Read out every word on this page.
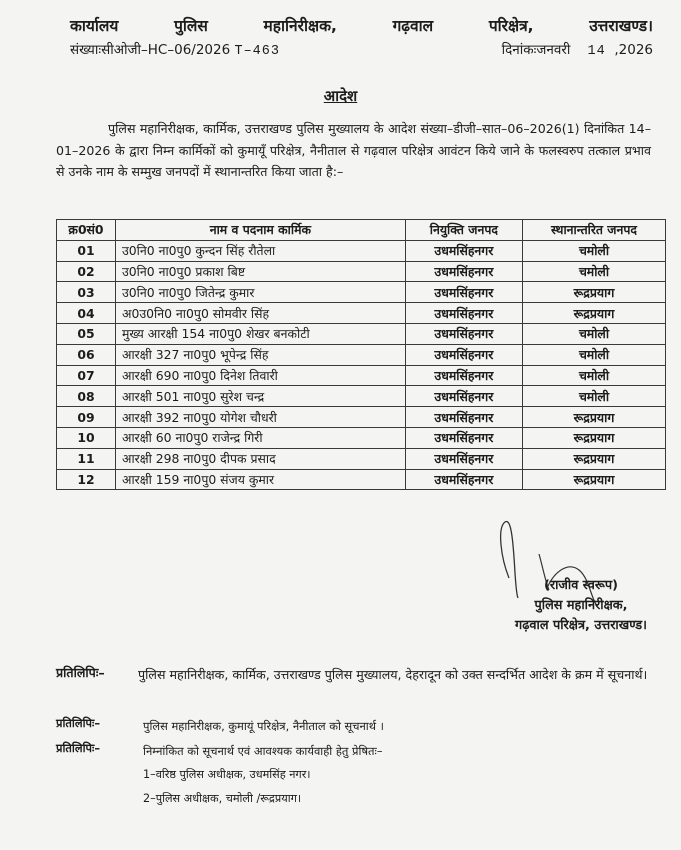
कार्यालय	पुलिस	महानिरीक्षक,	गढ़वाल	परिक्षेत्र,	उत्तराखण्ड।
संख्याःसीओजी–HC–06/2026 T–463	दिनांकःजनवरी 14 ,2026
आदेश
पुलिस महानिरीक्षक, कार्मिक, उत्तराखण्ड पुलिस मुख्यालय के आदेश संख्या–डीजी–सात–06–2026(1) दिनांकित 14–01–2026 के द्वारा निम्न कार्मिकों को कुमायूँ परिक्षेत्र, नैनीताल से गढ़वाल परिक्षेत्र आवंटन किये जाने के फलस्वरुप तत्काल प्रभाव से उनके नाम के सम्मुख जनपदों में स्थानान्तरित किया जाता है:–
क्र0सं0	नाम व पदनाम कार्मिक	नियुक्ति जनपद	स्थानान्तरित जनपद
01	उ0नि0 ना0पु0 कुन्दन सिंह रौतेला	उधमसिंहनगर	चमोली
02	उ0नि0 ना0पु0 प्रकाश बिष्ट	उधमसिंहनगर	चमोली
03	उ0नि0 ना0पु0 जितेन्द्र कुमार	उधमसिंहनगर	रूद्रप्रयाग
04	अ0उ0नि0 ना0पु0 सोमवीर सिंह	उधमसिंहनगर	रूद्रप्रयाग
05	मुख्य आरक्षी 154 ना0पु0 शेखर बनकोटी	उधमसिंहनगर	चमोली
06	आरक्षी 327 ना0पु0 भूपेन्द्र सिंह	उधमसिंहनगर	चमोली
07	आरक्षी 690 ना0पु0 दिनेश तिवारी	उधमसिंहनगर	चमोली
08	आरक्षी 501 ना0पु0 सुरेश चन्द्र	उधमसिंहनगर	चमोली
09	आरक्षी 392 ना0पु0 योगेश चौधरी	उधमसिंहनगर	रूद्रप्रयाग
10	आरक्षी 60 ना0पु0 राजेन्द्र गिरी	उधमसिंहनगर	रूद्रप्रयाग
11	आरक्षी 298 ना0पु0 दीपक प्रसाद	उधमसिंहनगर	रूद्रप्रयाग
12	आरक्षी 159 ना0पु0 संजय कुमार	उधमसिंहनगर	रूद्रप्रयाग
(राजीव स्वरूप)
पुलिस महानिरीक्षक,
गढ़वाल परिक्षेत्र, उत्तराखण्ड।
प्रतिलिपिः–	पुलिस महानिरीक्षक, कार्मिक, उत्तराखण्ड पुलिस मुख्यालय, देहरादून को उक्त सन्दर्भित आदेश के क्रम में सूचनार्थ।
प्रतिलिपिः–	पुलिस महानिरीक्षक, कुमायूं परिक्षेत्र, नैनीताल को सूचनार्थ ।
प्रतिलिपिः–	निम्नांकित को सूचनार्थ एवं आवश्यक कार्यवाही हेतु प्रेषितः–
1–वरिष्ठ पुलिस अधीक्षक, उधमसिंह नगर।
2–पुलिस अधीक्षक, चमोली /रूद्रप्रयाग।
